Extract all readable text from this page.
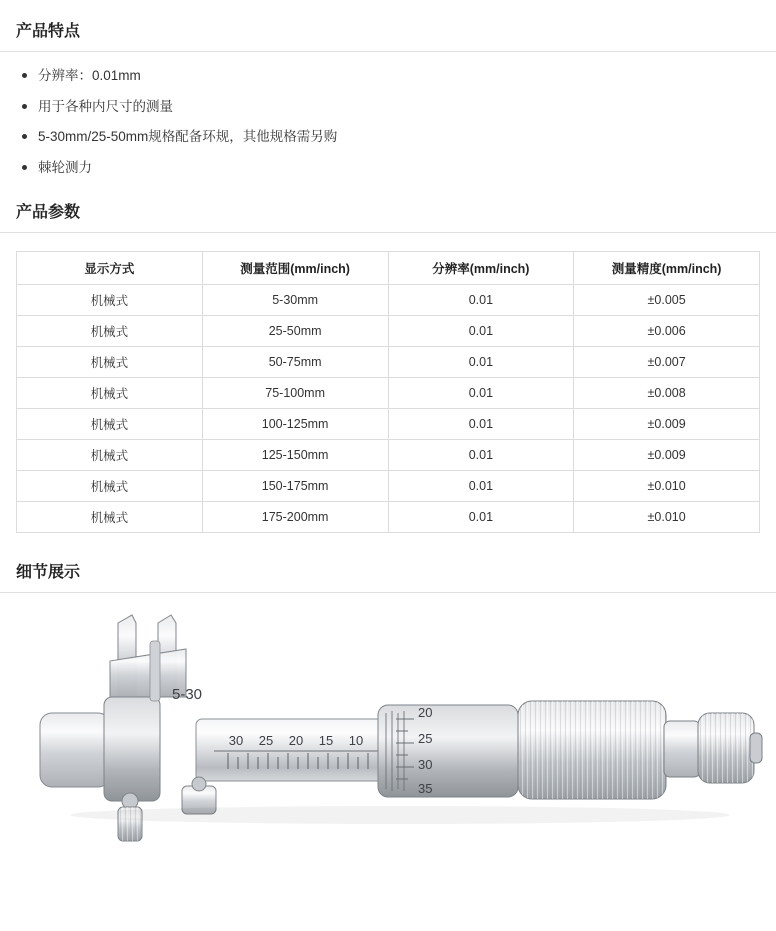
产品特点
分辨率：0.01mm
用于各种内尺寸的测量
5-30mm/25-50mm规格配备环规，其他规格需另购
棘轮测力
产品参数
显示方式	测量范围(mm/inch)	分辨率(mm/inch)	测量精度(mm/inch)
机械式	5-30mm	0.01	±0.005
机械式	25-50mm	0.01	±0.006
机械式	50-75mm	0.01	±0.007
机械式	75-100mm	0.01	±0.008
机械式	100-125mm	0.01	±0.009
机械式	125-150mm	0.01	±0.009
机械式	150-175mm	0.01	±0.010
机械式	175-200mm	0.01	±0.010
细节展示
5-30
30 25 20 15 10
20
25
30
35
